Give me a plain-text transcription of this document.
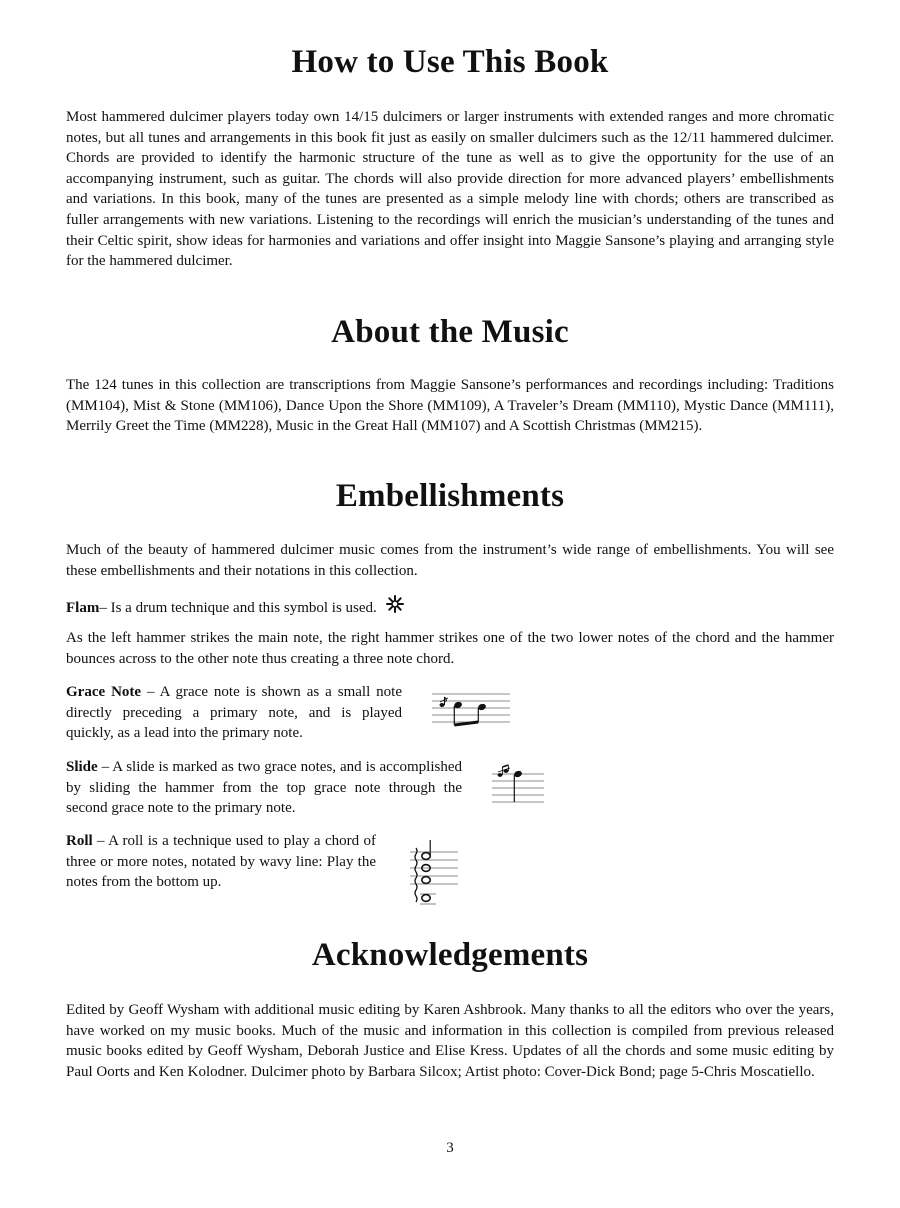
How to Use This Book

Most hammered dulcimer players today own 14/15 dulcimers or larger instruments with extended ranges and more chromatic notes, but all tunes and arrangements in this book fit just as easily on smaller dulcimers such as the 12/11 hammered dulcimer. Chords are provided to identify the harmonic structure of the tune as well as to give the opportunity for the use of an accompanying instrument, such as guitar. The chords will also provide direction for more advanced players’ embellishments and variations. In this book, many of the tunes are presented as a simple melody line with chords; others are transcribed as fuller arrangements with new variations. Listening to the recordings will enrich the musician’s understanding of the tunes and their Celtic spirit, show ideas for harmonies and variations and offer insight into Maggie Sansone’s playing and arranging style for the hammered dulcimer.

About the Music

The 124 tunes in this collection are transcriptions from Maggie Sansone’s performances and recordings including: Traditions (MM104), Mist & Stone (MM106), Dance Upon the Shore (MM109), A Traveler’s Dream (MM110), Mystic Dance (MM111), Merrily Greet the Time (MM228), Music in the Great Hall (MM107) and A Scottish Christmas (MM215).

Embellishments

Much of the beauty of hammered dulcimer music comes from the instrument’s wide range of embellishments. You will see these embellishments and their notations in this collection.

Flam– Is a drum technique and this symbol is used.

As the left hammer strikes the main note, the right hammer strikes one of the two lower notes of the chord and the hammer bounces across to the other note thus creating a three note chord.

Grace Note – A grace note is shown as a small note directly preceding a primary note, and is played quickly, as a lead into the primary note.

Slide – A slide is marked as two grace notes, and is accomplished by sliding the hammer from the top grace note through the second grace note to the primary note.

Roll – A roll is a technique used to play a chord of three or more notes, notated by wavy line: Play the notes from the bottom up.

Acknowledgements

Edited by Geoff Wysham with additional music editing by Karen Ashbrook. Many thanks to all the editors who over the years, have worked on my music books. Much of the music and information in this collection is compiled from previous released music books edited by Geoff Wysham, Deborah Justice and Elise Kress. Updates of all the chords and some music editing by Paul Oorts and Ken Kolodner. Dulcimer photo by Barbara Silcox; Artist photo: Cover-Dick Bond; page 5-Chris Moscatiello.

3
